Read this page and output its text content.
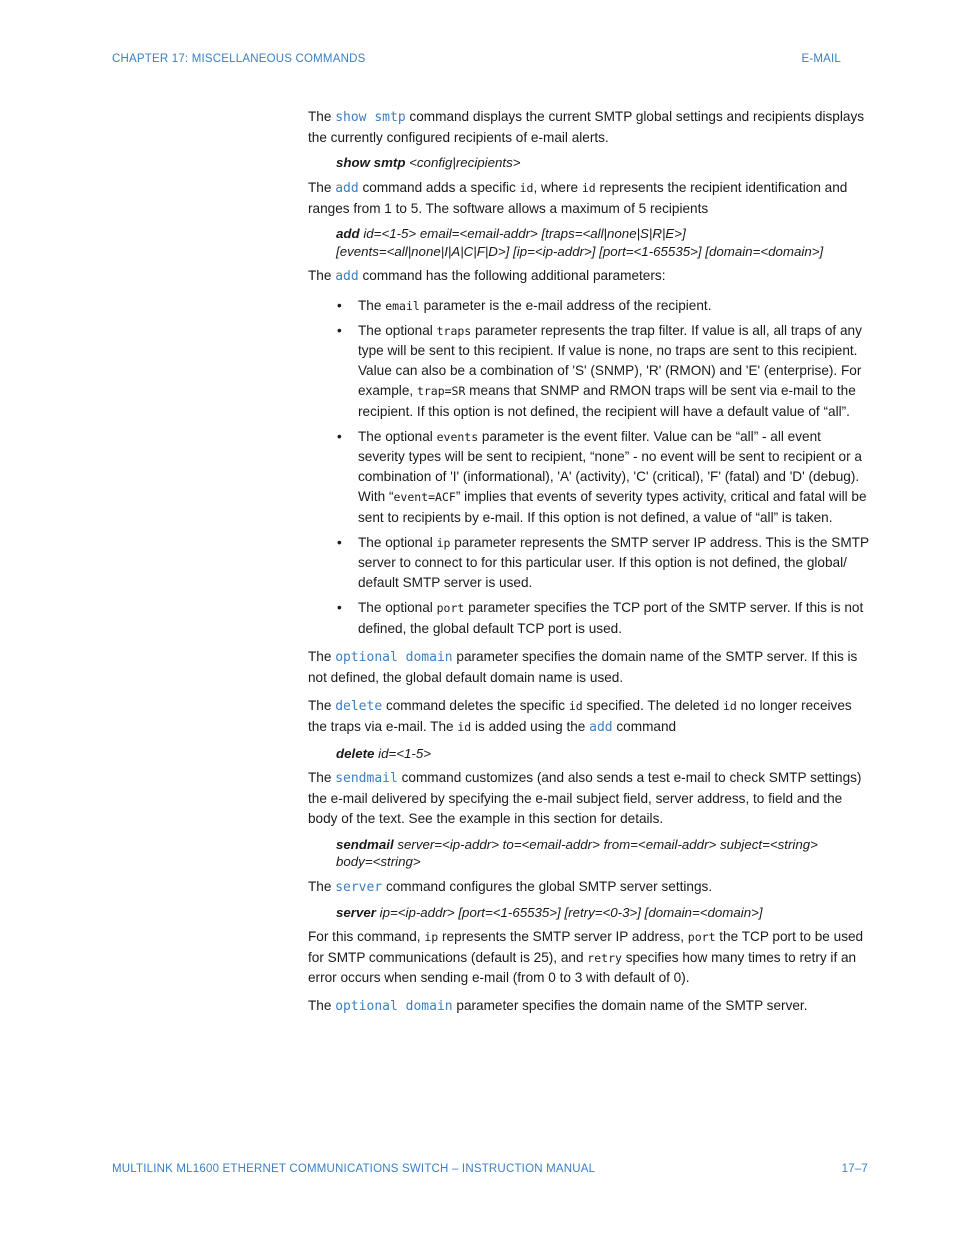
CHAPTER 17: MISCELLANEOUS COMMANDS	E-MAIL

The show smtp command displays the current SMTP global settings and recipients displays the currently configured recipients of e-mail alerts.

show smtp <config|recipients>

The add command adds a specific id, where id represents the recipient identification and ranges from 1 to 5. The software allows a maximum of 5 recipients

add id=<1-5> email=<email-addr> [traps=<all|none|S|R|E>]
[events=<all|none|I|A|C|F|D>] [ip=<ip-addr>] [port=<1-65535>] [domain=<domain>]

The add command has the following additional parameters:

• The email parameter is the e-mail address of the recipient.
• The optional traps parameter represents the trap filter. If value is all, all traps of any type will be sent to this recipient. If value is none, no traps are sent to this recipient. Value can also be a combination of 'S' (SNMP), 'R' (RMON) and 'E' (enterprise). For example, trap=SR means that SNMP and RMON traps will be sent via e-mail to the recipient. If this option is not defined, the recipient will have a default value of “all”.
• The optional events parameter is the event filter. Value can be “all” - all event severity types will be sent to recipient, “none” - no event will be sent to recipient or a combination of 'I' (informational), 'A' (activity), 'C' (critical), 'F' (fatal) and 'D' (debug). With “event=ACF” implies that events of severity types activity, critical and fatal will be sent to recipients by e-mail. If this option is not defined, a value of “all” is taken.
• The optional ip parameter represents the SMTP server IP address. This is the SMTP server to connect to for this particular user. If this option is not defined, the global/ default SMTP server is used.
• The optional port parameter specifies the TCP port of the SMTP server. If this is not defined, the global default TCP port is used.

The optional domain parameter specifies the domain name of the SMTP server. If this is not defined, the global default domain name is used.

The delete command deletes the specific id specified. The deleted id no longer receives the traps via e-mail. The id is added using the add command

delete id=<1-5>

The sendmail command customizes (and also sends a test e-mail to check SMTP settings) the e-mail delivered by specifying the e-mail subject field, server address, to field and the body of the text. See the example in this section for details.

sendmail server=<ip-addr> to=<email-addr> from=<email-addr> subject=<string>
body=<string>

The server command configures the global SMTP server settings.

server ip=<ip-addr> [port=<1-65535>] [retry=<0-3>] [domain=<domain>]

For this command, ip represents the SMTP server IP address, port the TCP port to be used for SMTP communications (default is 25), and retry specifies how many times to retry if an error occurs when sending e-mail (from 0 to 3 with default of 0).

The optional domain parameter specifies the domain name of the SMTP server.

MULTILINK ML1600 ETHERNET COMMUNICATIONS SWITCH – INSTRUCTION MANUAL	17–7
